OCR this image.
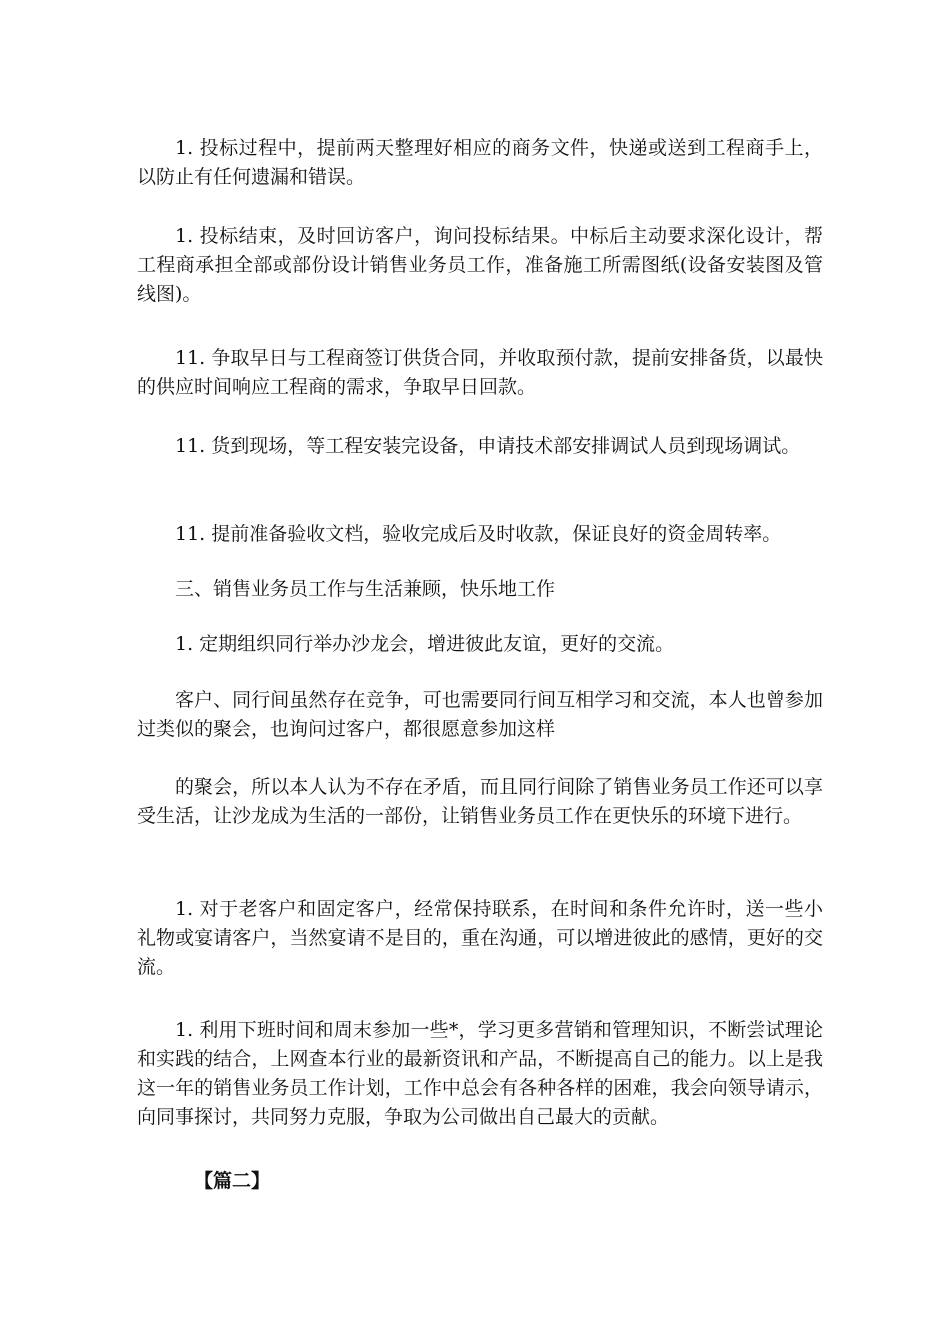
1. 投标过程中，提前两天整理好相应的商务文件，快递或送到工程商手上，以防止有任何遗漏和错误。

1. 投标结束，及时回访客户，询问投标结果。中标后主动要求深化设计，帮工程商承担全部或部份设计销售业务员工作，准备施工所需图纸(设备安装图及管线图)。

11. 争取早日与工程商签订供货合同，并收取预付款，提前安排备货，以最快的供应时间响应工程商的需求，争取早日回款。

11. 货到现场，等工程安装完设备，申请技术部安排调试人员到现场调试。

11. 提前准备验收文档，验收完成后及时收款，保证良好的资金周转率。

三、销售业务员工作与生活兼顾，快乐地工作

1. 定期组织同行举办沙龙会，增进彼此友谊，更好的交流。

客户、同行间虽然存在竞争，可也需要同行间互相学习和交流，本人也曾参加过类似的聚会，也询问过客户，都很愿意参加这样

的聚会，所以本人认为不存在矛盾，而且同行间除了销售业务员工作还可以享受生活，让沙龙成为生活的一部份，让销售业务员工作在更快乐的环境下进行。

1. 对于老客户和固定客户，经常保持联系，在时间和条件允许时，送一些小礼物或宴请客户，当然宴请不是目的，重在沟通，可以增进彼此的感情，更好的交流。

1. 利用下班时间和周末参加一些*，学习更多营销和管理知识，不断尝试理论和实践的结合，上网查本行业的最新资讯和产品，不断提高自己的能力。以上是我这一年的销售业务员工作计划，工作中总会有各种各样的困难，我会向领导请示，向同事探讨，共同努力克服，争取为公司做出自己最大的贡献。

【篇二】
